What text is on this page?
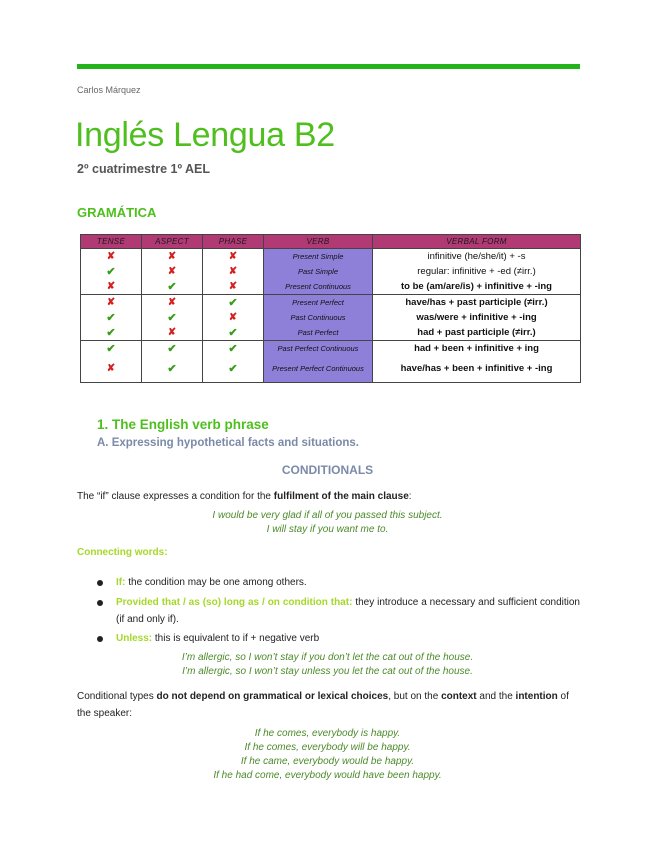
Carlos Márquez
Inglés Lengua B2
2º cuatrimestre 1º AEL
GRAMÁTICA
TENSE	ASPECT	PHASE	VERB	VERBAL FORM
✘	✘	✘	Present Simple	infinitive (he/she/it) + -s
✔	✘	✘	Past Simple	regular: infinitive + -ed (≠irr.)
✘	✔	✘	Present Continuous	to be (am/are/is) + infinitive + -ing
✘	✘	✔	Present Perfect	have/has + past participle (≠irr.)
✔	✔	✘	Past Continuous	was/were + infinitive + -ing
✔	✘	✔	Past Perfect	had + past participle (≠irr.)
✔	✔	✔	Past Perfect Continuous	had + been + infinitive + ing
✘	✔	✔	Present Perfect Continuous	have/has + been + infinitive + -ing
1. The English verb phrase
A. Expressing hypothetical facts and situations.
CONDITIONALS
The “if” clause expresses a condition for the fulfilment of the main clause:
I would be very glad if all of you passed this subject.
I will stay if you want me to.
Connecting words:
If: the condition may be one among others.
Provided that / as (so) long as / on condition that: they introduce a necessary and sufficient condition (if and only if).
Unless: this is equivalent to if + negative verb
I’m allergic, so I won’t stay if you don’t let the cat out of the house.
I’m allergic, so I won’t stay unless you let the cat out of the house.
Conditional types do not depend on grammatical or lexical choices, but on the context and the intention of the speaker:
If he comes, everybody is happy.
If he comes, everybody will be happy.
If he came, everybody would be happy.
If he had come, everybody would have been happy.
